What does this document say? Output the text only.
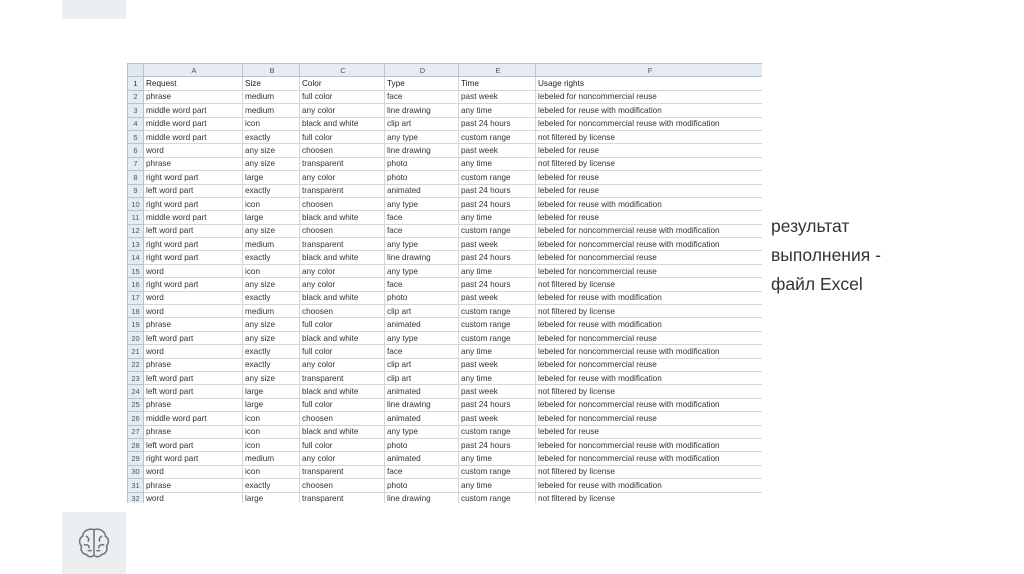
	A	B	C	D	E	F
1	Request	Size	Color	Type	Time	Usage rights
2	phrase	medium	full color	face	past week	lebeled for noncommercial reuse
3	middle word part	medium	any color	line drawing	any time	lebeled for reuse with modification
4	middle word part	icon	black and white	clip art	past 24 hours	lebeled for noncommercial reuse with modification
5	middle word part	exactly	full color	any type	custom range	not filtered by license
6	word	any size	choosen	line drawing	past week	lebeled for reuse
7	phrase	any size	transparent	photo	any time	not filtered by license
8	right word part	large	any color	photo	custom range	lebeled for reuse
9	left word part	exactly	transparent	animated	past 24 hours	lebeled for reuse
10	right word part	icon	choosen	any type	past 24 hours	lebeled for reuse with modification
11	middle word part	large	black and white	face	any time	lebeled for reuse
12	left word part	any size	choosen	face	custom range	lebeled for noncommercial reuse with modification
13	right word part	medium	transparent	any type	past week	lebeled for noncommercial reuse with modification
14	right word part	exactly	black and white	line drawing	past 24 hours	lebeled for noncommercial reuse
15	word	icon	any color	any type	any time	lebeled for noncommercial reuse
16	right word part	any size	any color	face	past 24 hours	not filtered by license
17	word	exactly	black and white	photo	past week	lebeled for reuse with modification
18	word	medium	choosen	clip art	custom range	not filtered by license
19	phrase	any size	full color	animated	custom range	lebeled for reuse with modification
20	left word part	any size	black and white	any type	custom range	lebeled for noncommercial reuse
21	word	exactly	full color	face	any time	lebeled for noncommercial reuse with modification
22	phrase	exactly	any color	clip art	past week	lebeled for noncommercial reuse
23	left word part	any size	transparent	clip art	any time	lebeled for reuse with modification
24	left word part	large	black and white	animated	past week	not filtered by license
25	phrase	large	full color	line drawing	past 24 hours	lebeled for noncommercial reuse with modification
26	middle word part	icon	choosen	animated	past week	lebeled for noncommercial reuse
27	phrase	icon	black and white	any type	custom range	lebeled for reuse
28	left word part	icon	full color	photo	past 24 hours	lebeled for noncommercial reuse with modification
29	right word part	medium	any color	animated	any time	lebeled for noncommercial reuse with modification
30	word	icon	transparent	face	custom range	not filtered by license
31	phrase	exactly	choosen	photo	any time	lebeled for reuse with modification
32	word	large	transparent	line drawing	custom range	not filtered by license

результат
выполнения -
файл Excel
